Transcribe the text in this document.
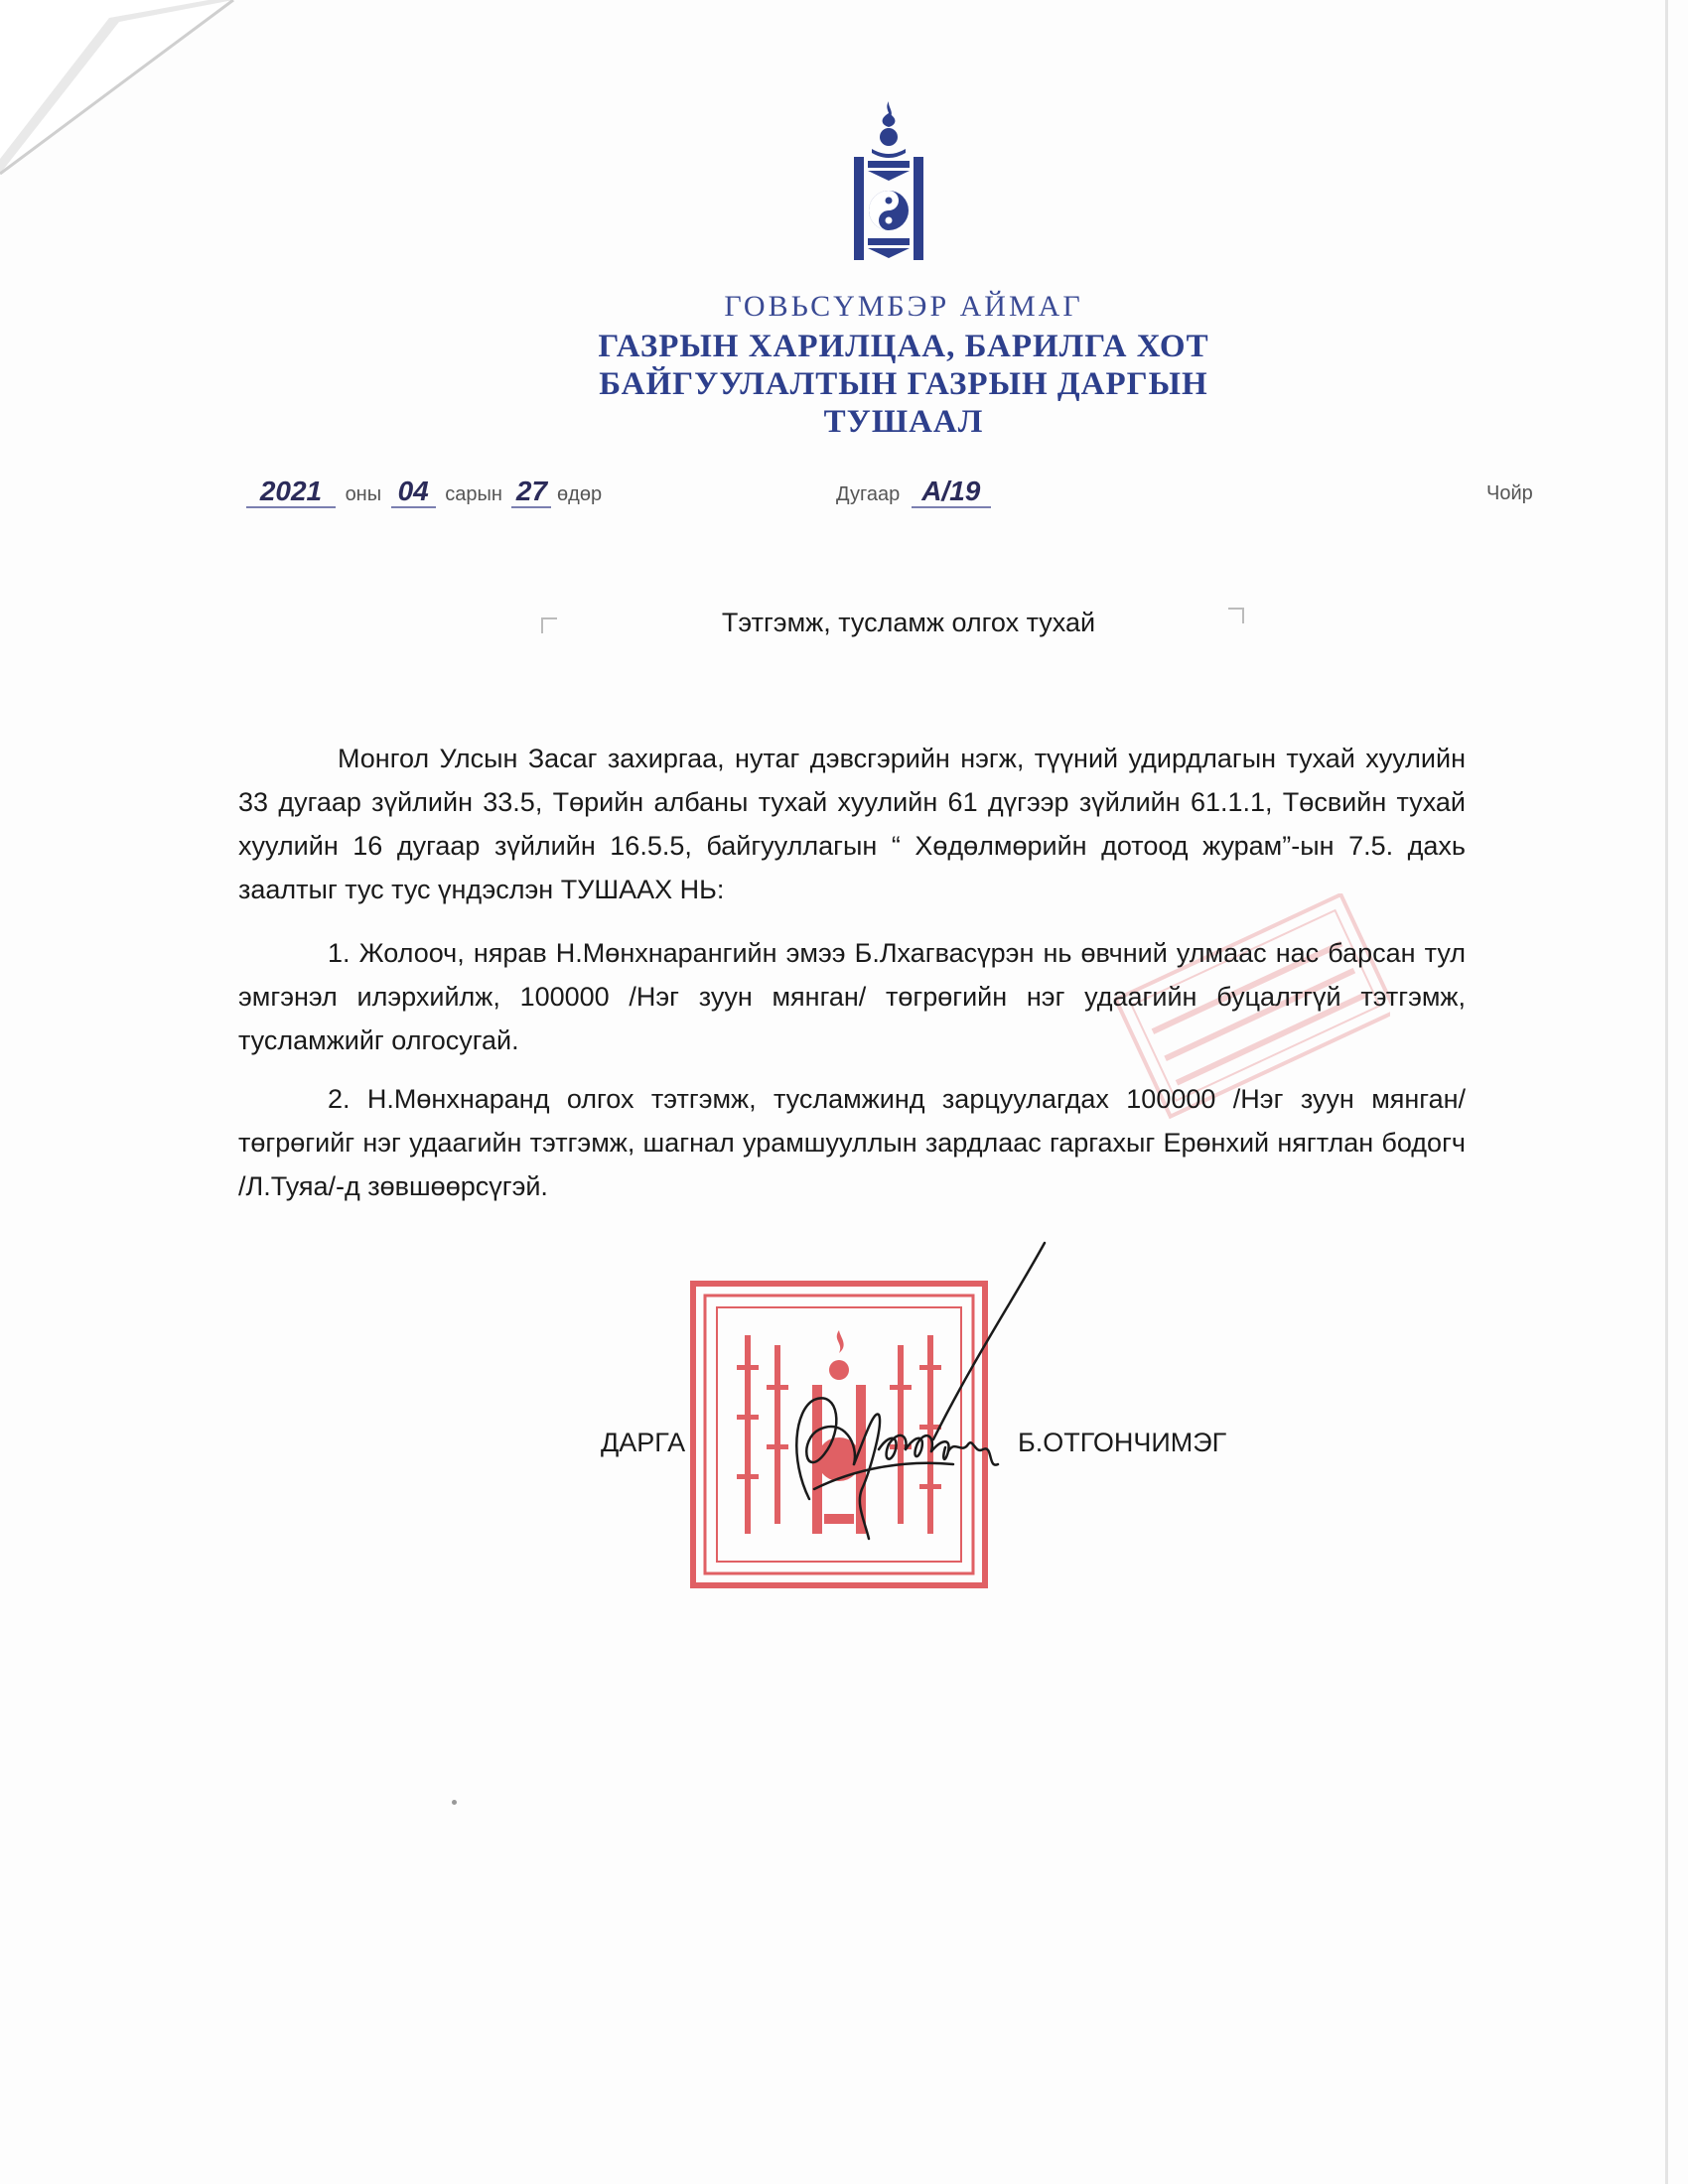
ГОВЬСҮМБЭР АЙМАГ
ГАЗРЫН ХАРИЛЦАА, БАРИЛГА ХОТ
БАЙГУУЛАЛТЫН ГАЗРЫН ДАРГЫН
ТУШААЛ
2021 оны 04 сарын 27 өдөр	Дугаар А/19	Чойр
Тэтгэмж, тусламж олгох тухай
Монгол Улсын Засаг захиргаа, нутаг дэвсгэрийн нэгж, түүний удирдлагын тухай хуулийн 33 дугаар зүйлийн 33.5, Төрийн албаны тухай хуулийн 61 дүгээр зүйлийн 61.1.1, Төсвийн тухай хуулийн 16 дугаар зүйлийн 16.5.5, байгууллагын “ Хөдөлмөрийн дотоод журам”-ын 7.5. дахь заалтыг тус тус үндэслэн ТУШААХ НЬ:
1. Жолооч, нярав Н.Мөнхнарангийн эмээ Б.Лхагвасүрэн нь өвчний улмаас нас барсан тул эмгэнэл илэрхийлж, 100000 /Нэг зуун мянган/ төгрөгийн нэг удаагийн буцалтгүй тэтгэмж, тусламжийг олгосугай.
2. Н.Мөнхнаранд олгох тэтгэмж, тусламжинд зарцуулагдах 100000 /Нэг зуун мянган/ төгрөгийг нэг удаагийн тэтгэмж, шагнал урамшууллын зардлаас гаргахыг Ерөнхий нягтлан бодогч /Л.Туяа/-д зөвшөөрсүгэй.
ДАРГА	Б.ОТГОНЧИМЭГ
